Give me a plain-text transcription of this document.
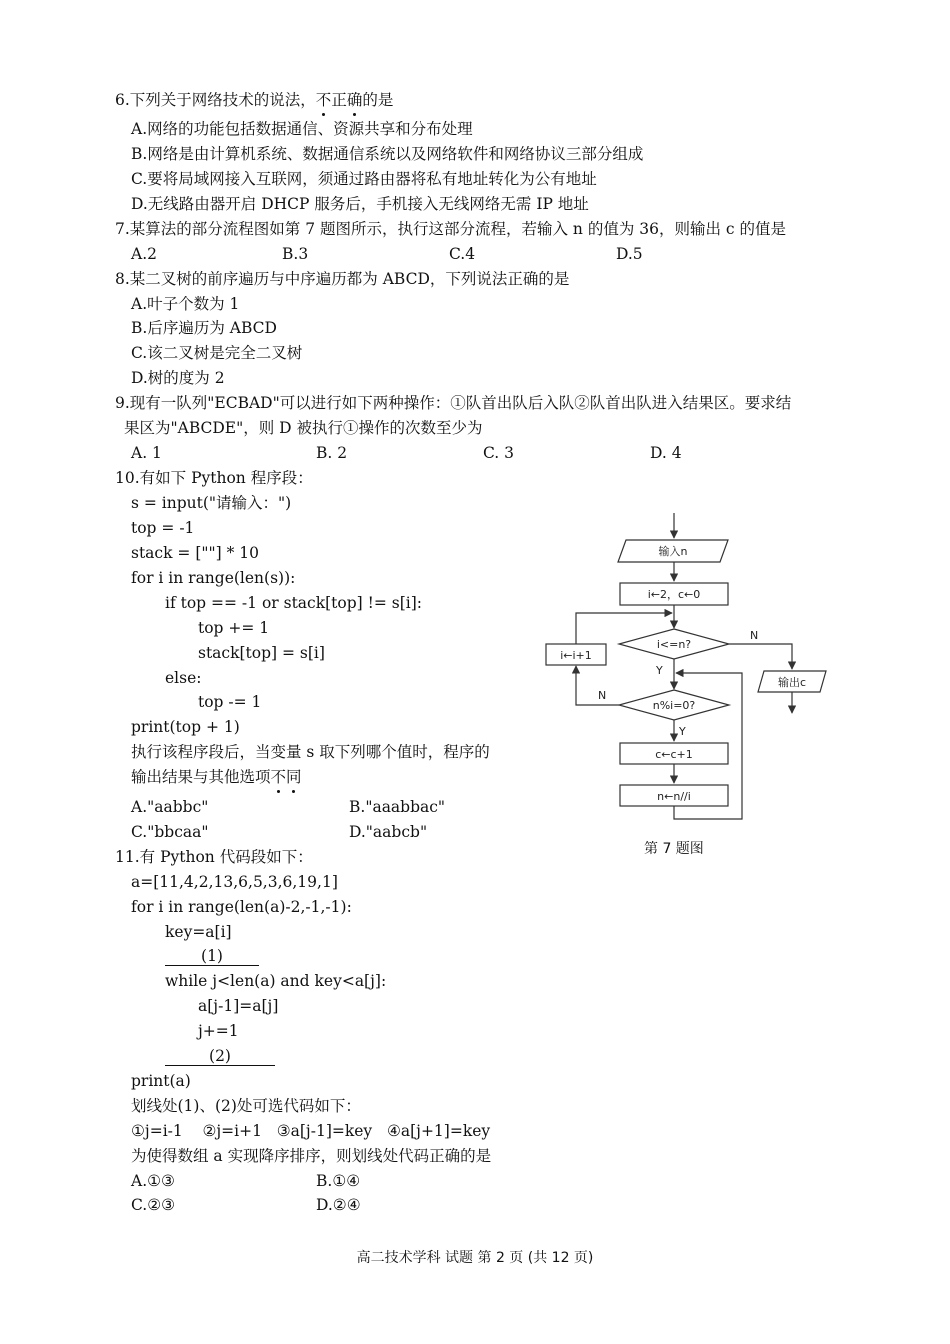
6.下列关于网络技术的说法，不正确的是
A.网络的功能包括数据通信、资源共享和分布处理
B.网络是由计算机系统、数据通信系统以及网络软件和网络协议三部分组成
C.要将局域网接入互联网，须通过路由器将私有地址转化为公有地址
D.无线路由器开启 DHCP 服务后，手机接入无线网络无需 IP 地址
7.某算法的部分流程图如第 7 题图所示，执行这部分流程，若输入 n 的值为 36，则输出 c 的值是
A.2	B.3	C.4	D.5
8.某二叉树的前序遍历与中序遍历都为 ABCD，下列说法正确的是
A.叶子个数为 1
B.后序遍历为 ABCD
C.该二叉树是完全二叉树
D.树的度为 2
9.现有一队列"ECBAD"可以进行如下两种操作：①队首出队后入队②队首出队进入结果区。要求结
果区为"ABCDE"，则 D 被执行①操作的次数至少为
A. 1	B. 2	C. 3	D. 4
10.有如下 Python 程序段：
s = input("请输入：")
top = -1
stack = [""] * 10
for i in range(len(s)):
if top == -1 or stack[top] != s[i]:
top += 1
stack[top] = s[i]
else:
top -= 1
print(top + 1)
执行该程序段后，当变量 s 取下列哪个值时，程序的
输出结果与其他选项不同
A."aabbc"	B."aaabbac"
C."bbcaa"	D."aabcb"
11.有 Python 代码段如下：
a=[11,4,2,13,6,5,3,6,19,1]
for i in range(len(a)-2,-1,-1):
key=a[i]
(1)
while j<len(a) and key<a[j]:
a[j-1]=a[j]
j+=1
(2)
print(a)
划线处(1)、(2)处可选代码如下：
①j=i-1    ②j=i+1   ③a[j-1]=key   ④a[j+1]=key
为使得数组 a 实现降序排序，则划线处代码正确的是
A.①③	B.①④
C.②③	D.②④
输入n
i←2，c←0
i<=n?
i←i+1
n%i=0?
c←c+1
n←n//i
输出c
N
Y
N
Y
第 7 题图
高二技术学科 试题 第 2 页 (共 12 页)
